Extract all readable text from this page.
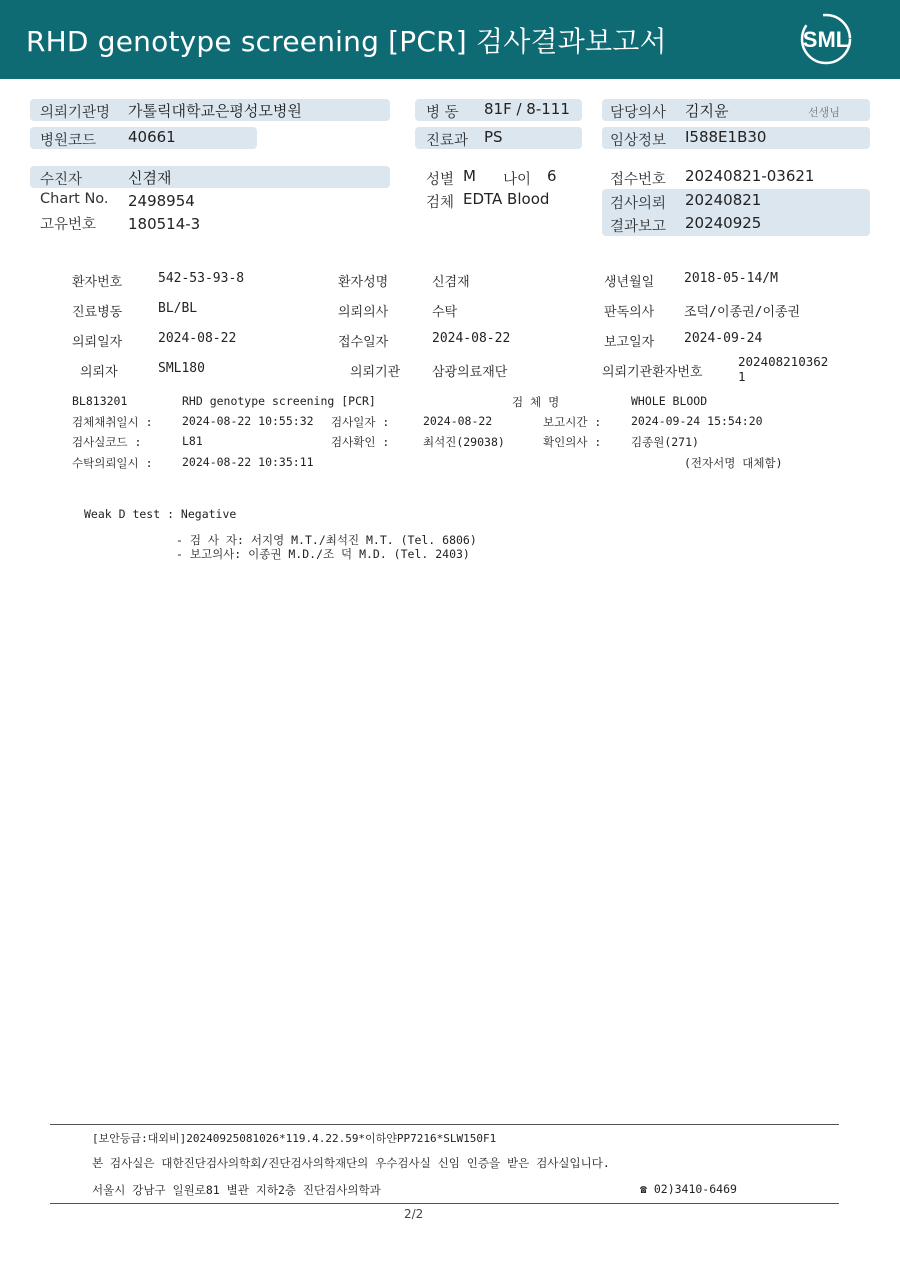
RHD genotype screening [PCR] 검사결과보고서	SML
의뢰기관명 가톨릭대학교은평성모병원
병원코드 40661
병 동 81F / 8-111
진료과 PS
담당의사 김지윤	선생님
임상정보 I588E1B30
수진자	신겸재
Chart No. 2498954
고유번호 180514-3
성별 M 나이 6
검체 EDTA Blood
접수번호 20240821-03621
검사의뢰 20240821
결과보고 20240925
환자번호	542-53-93-8	환자성명	신겸재	생년월일 2018-05-14/M
진료병동	BL/BL	의뢰의사	수탁	판독의사 조덕/이종권/이종권
의뢰일자	2024-08-22	접수일자	2024-08-22	보고일자 2024-09-24
의뢰자	SML180	의뢰기관 삼광의료재단	의뢰기관환자번호
202408210362
1
BL813201	RHD genotype screening [PCR]	검 체 명	WHOLE BLOOD
검체채취일시 :	2024-08-22 10:55:32 검사일자 :	2024-08-22	보고시간 :	2024-09-24 15:54:20
검사실코드 :	L81	검사확인 :	최석진(29038)	확인의사 :	김종원(271)
수탁의뢰일시 :	2024-08-22 10:35:11	(전자서명 대체함)
Weak D test : Negative
- 검 사 자: 서지영 M.T./최석진 M.T. (Tel. 6806)
- 보고의사: 이종권 M.D./조 덕 M.D. (Tel. 2403)
[보안등급:대외비]20240925081026*119.4.22.59*이하얀PP7216*SLW150F1
본 검사실은 대한진단검사의학회/진단검사의학재단의 우수검사실 신임 인증을 받은 검사실입니다.
서울시 강남구 일원로81 별관 지하2층 진단검사의학과	☎ 02)3410-6469
2/2
